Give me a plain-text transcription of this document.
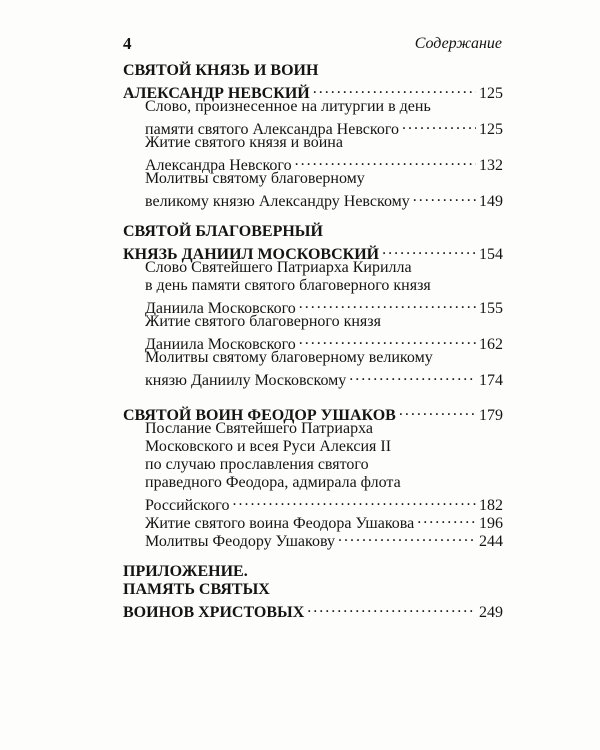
4	Содержание
СВЯТОЙ КНЯЗЬ И ВОИН
АЛЕКСАНДР НЕВСКИЙ . . .	125
Слово, произнесенное на литургии в день
памяти святого Александра Невского . . .	125
Житие святого князя и воина
Александра Невского . . .	132
Молитвы святому благоверному
великому князю Александру Невскому . . .	149
СВЯТОЙ БЛАГОВЕРНЫЙ
КНЯЗЬ ДАНИИЛ МОСКОВСКИЙ . . .	154
Слово Святейшего Патриарха Кирилла
в день памяти святого благоверного князя
Даниила Московского . . .	155
Житие святого благоверного князя
Даниила Московского . . .	162
Молитвы святому благоверному великому
князю Даниилу Московскому . . .	174
СВЯТОЙ ВОИН ФЕОДОР УШАКОВ . . .	179
Послание Святейшего Патриарха
Московского и всея Руси Алексия II
по случаю прославления святого
праведного Феодора, адмирала флота
Российского . . .	182
Житие святого воина Феодора Ушакова . . .	196
Молитвы Феодору Ушакову . . .	244
ПРИЛОЖЕНИЕ.
ПАМЯТЬ СВЯТЫХ
ВОИНОВ ХРИСТОВЫХ . . .	249
